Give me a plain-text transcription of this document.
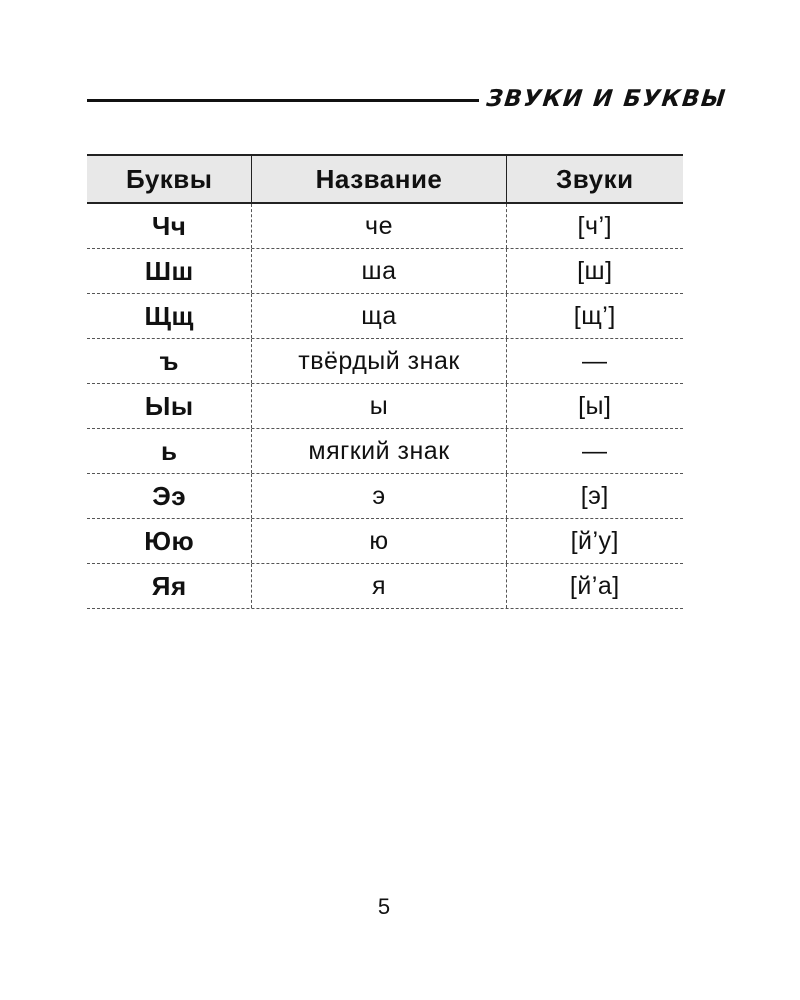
ЗВУКИ И БУКВЫ
Буквы	Название	Звуки
Чч	че	[ч’]
Шш	ша	[ш]
Щщ	ща	[щ’]
ъ	твёрдый знак	—
Ыы	ы	[ы]
ь	мягкий знак	—
Ээ	э	[э]
Юю	ю	[й’у]
Яя	я	[й’а]
5
